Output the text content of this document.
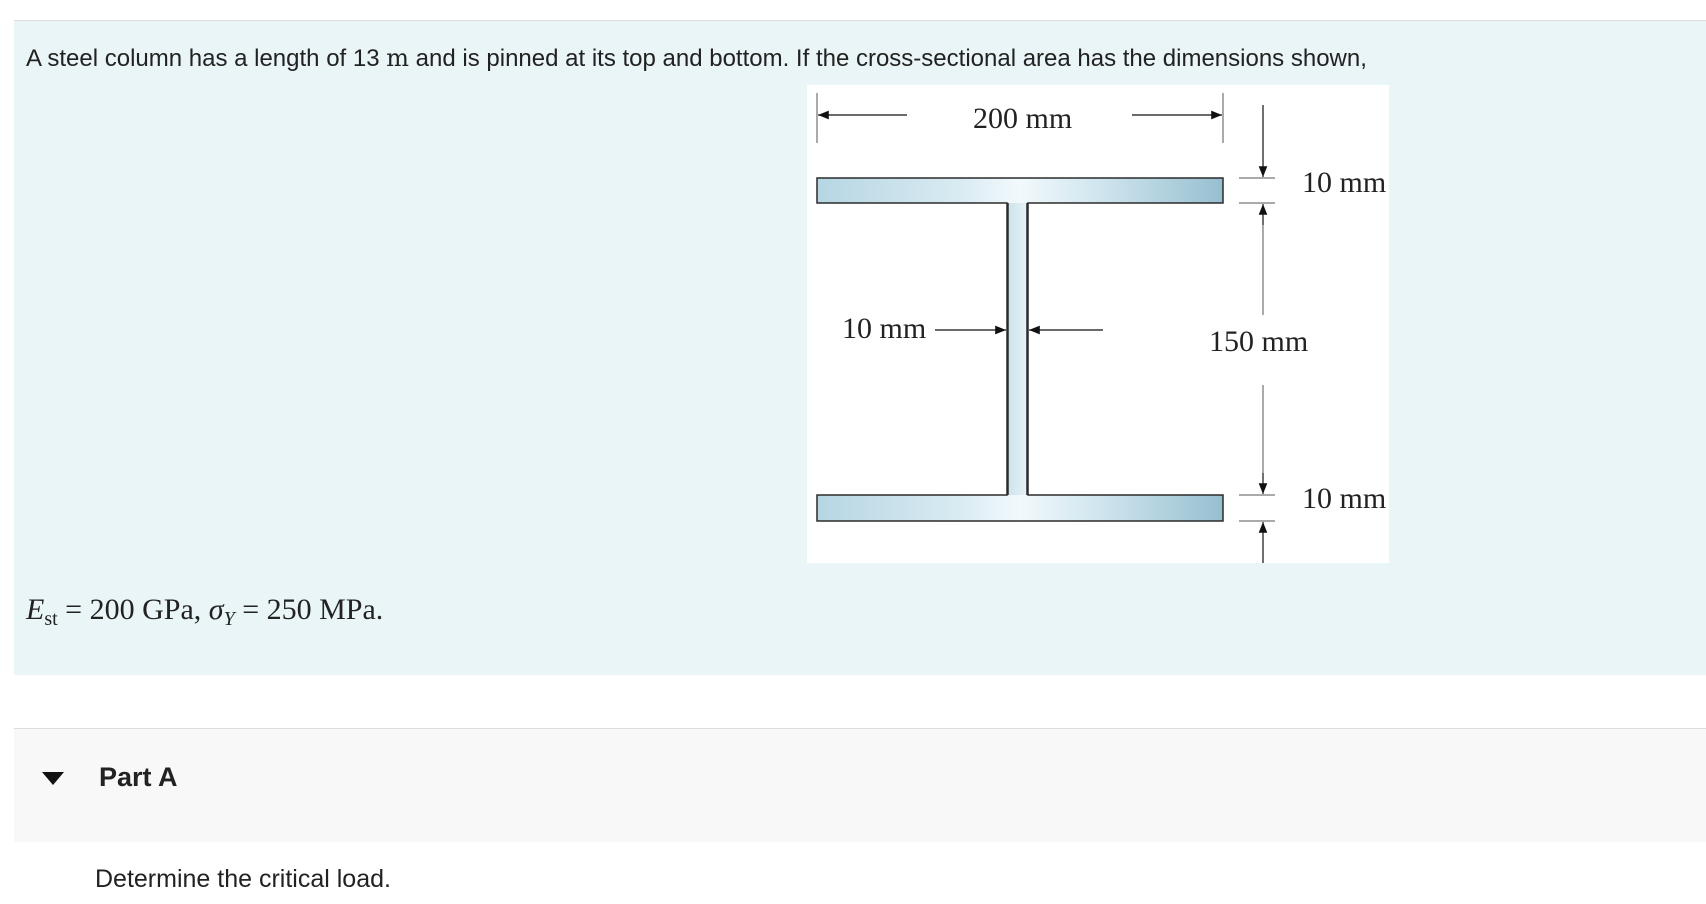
A steel column has a length of 13 m and is pinned at its top and bottom. If the cross-sectional area has the dimensions shown,
200 mm
10 mm
150 mm
10 mm
10 mm
$E_{st} = 200$ GPa, $\sigma_Y = 250$ MPa.
Part A
Determine the critical load.
